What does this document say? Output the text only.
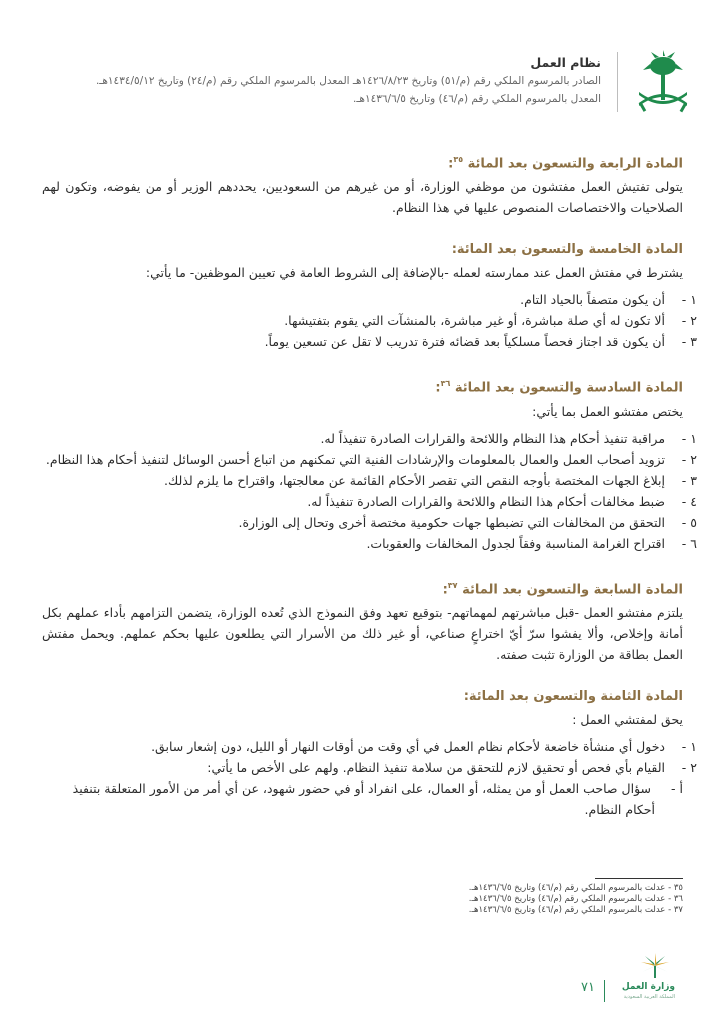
نظام العمل
الصادر بالمرسوم الملكي رقم (م/٥١) وتاريخ ١٤٢٦/٨/٢٣هـ المعدل بالمرسوم الملكي رقم (م/٢٤) وتاريخ ١٤٣٤/٥/١٢هـ.
المعدل بالمرسوم الملكي رقم (م/٤٦) وتاريخ ١٤٣٦/٦/٥هـ.
المادة الرابعة والتسعون بعد المائة $^{٣٥}$:
يتولى تفتيش العمل مفتشون من موظفي الوزارة، أو من غيرهم من السعوديين، يحددهم الوزير أو من يفوضه، وتكون لهم الصلاحيات والاختصاصات المنصوص عليها في هذا النظام.
المادة الخامسة والتسعون بعد المائة:
يشترط في مفتش العمل عند ممارسته لعمله -بالإضافة إلى الشروط العامة في تعيين الموظفين- ما يأتي:
١ - أن يكون متصفاً بالحياد التام.
٢ - ألا تكون له أي صلة مباشرة، أو غير مباشرة، بالمنشآت التي يقوم بتفتيشها.
٣ - أن يكون قد اجتاز فحصاً مسلكياً بعد قضائه فترة تدريب لا تقل عن تسعين يوماً.
المادة السادسة والتسعون بعد المائة $^{٣٦}$:
يختص مفتشو العمل بما يأتي:
١ - مراقبة تنفيذ أحكام هذا النظام واللائحة والقرارات الصادرة تنفيذاً له.
٢ - تزويد أصحاب العمل والعمال بالمعلومات والإرشادات الفنية التي تمكنهم من اتباع أحسن الوسائل لتنفيذ أحكام هذا النظام.
٣ - إبلاغ الجهات المختصة بأوجه النقص التي تقصر الأحكام القائمة عن معالجتها، واقتراح ما يلزم لذلك.
٤ - ضبط مخالفات أحكام هذا النظام واللائحة والقرارات الصادرة تنفيذاً له.
٥ - التحقق من المخالفات التي تضبطها جهات حكومية مختصة أخرى وتحال إلى الوزارة.
٦ - اقتراح الغرامة المناسبة وفقاً لجدول المخالفات والعقوبات.
المادة السابعة والتسعون بعد المائة $^{٣٧}$:
يلتزم مفتشو العمل -قبل مباشرتهم لمهماتهم- بتوقيع تعهد وفق النموذج الذي تُعده الوزارة، يتضمن التزامهم بأداء عملهم بكل أمانة وإخلاص، وألا يفشوا سرّ أيّ اختراعٍ صناعي، أو غير ذلك من الأسرار التي يطلعون عليها بحكم عملهم. ويحمل مفتش العمل بطاقة من الوزارة تثبت صفته.
المادة الثامنة والتسعون بعد المائة:
يحق لمفتشي العمل :
١ - دخول أي منشأة خاضعة لأحكام نظام العمل في أي وقت من أوقات النهار أو الليل، دون إشعار سابق.
٢ - القيام بأي فحص أو تحقيق لازم للتحقق من سلامة تنفيذ النظام. ولهم على الأخص ما يأتي:
أ - سؤال صاحب العمل أو من يمثله، أو العمال، على انفراد أو في حضور شهود، عن أي أمر من الأمور المتعلقة بتنفيذ أحكام النظام.
٣٥ - عدلت بالمرسوم الملكي رقم (م/٤٦) وتاريخ ١٤٣٦/٦/٥هـ.
٣٦ - عدلت بالمرسوم الملكي رقم (م/٤٦) وتاريخ ١٤٣٦/٦/٥هـ.
٣٧ - عدلت بالمرسوم الملكي رقم (م/٤٦) وتاريخ ١٤٣٦/٦/٥هـ.
وزارة العمل
المملكة العربية السعودية
٧١
